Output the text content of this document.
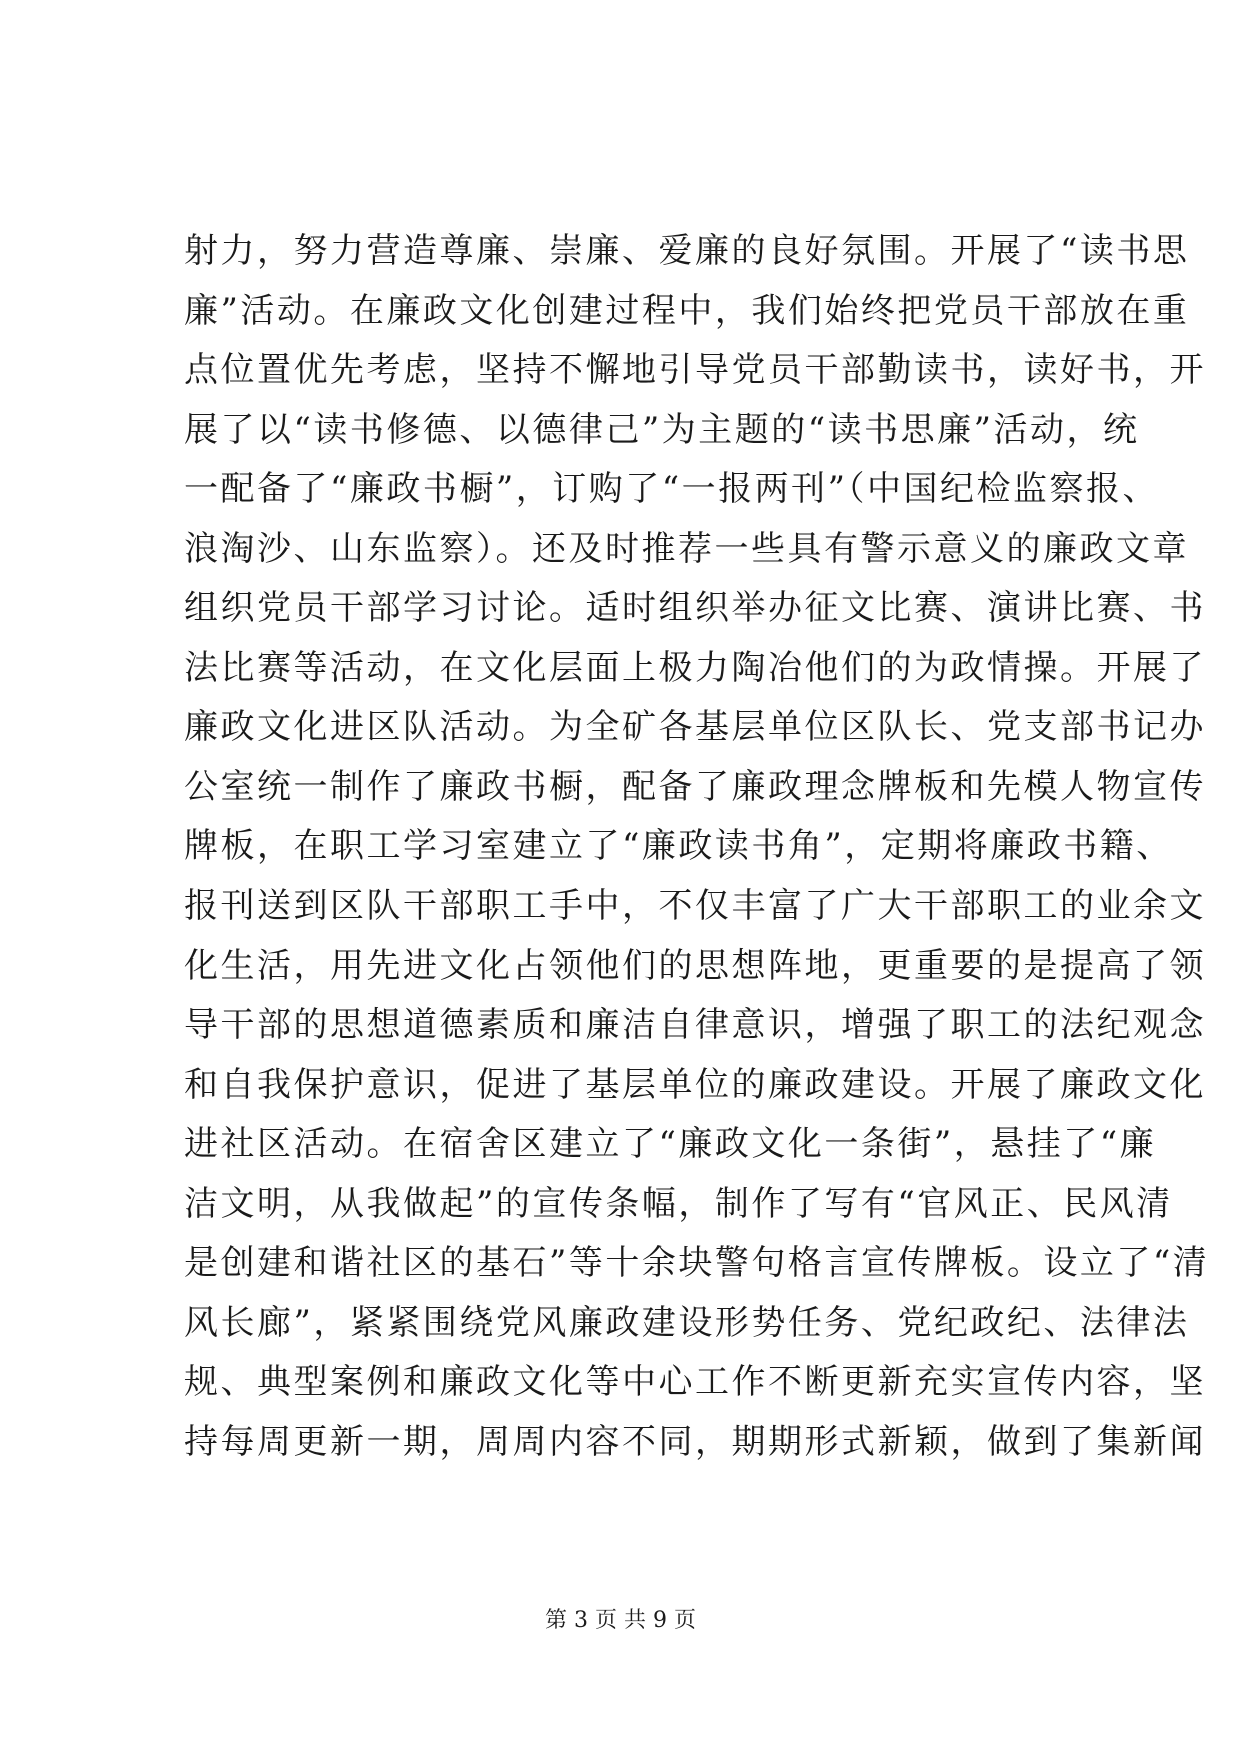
射力，努力营造尊廉、崇廉、爱廉的良好氛围。开展了“读书思
廉”活动。在廉政文化创建过程中，我们始终把党员干部放在重
点位置优先考虑，坚持不懈地引导党员干部勤读书，读好书，开
展了以“读书修德、以德律己”为主题的“读书思廉”活动，统
一配备了“廉政书橱”，订购了“一报两刊”（中国纪检监察报、
浪淘沙、山东监察）。还及时推荐一些具有警示意义的廉政文章
组织党员干部学习讨论。适时组织举办征文比赛、演讲比赛、书
法比赛等活动，在文化层面上极力陶冶他们的为政情操。开展了
廉政文化进区队活动。为全矿各基层单位区队长、党支部书记办
公室统一制作了廉政书橱，配备了廉政理念牌板和先模人物宣传
牌板，在职工学习室建立了“廉政读书角”，定期将廉政书籍、
报刊送到区队干部职工手中，不仅丰富了广大干部职工的业余文
化生活，用先进文化占领他们的思想阵地，更重要的是提高了领
导干部的思想道德素质和廉洁自律意识，增强了职工的法纪观念
和自我保护意识，促进了基层单位的廉政建设。开展了廉政文化
进社区活动。在宿舍区建立了“廉政文化一条街”，悬挂了“廉
洁文明，从我做起”的宣传条幅，制作了写有“官风正、民风清
是创建和谐社区的基石”等十余块警句格言宣传牌板。设立了“清
风长廊”，紧紧围绕党风廉政建设形势任务、党纪政纪、法律法
规、典型案例和廉政文化等中心工作不断更新充实宣传内容，坚
持每周更新一期，周周内容不同，期期形式新颖，做到了集新闻
第 3 页 共 9 页
